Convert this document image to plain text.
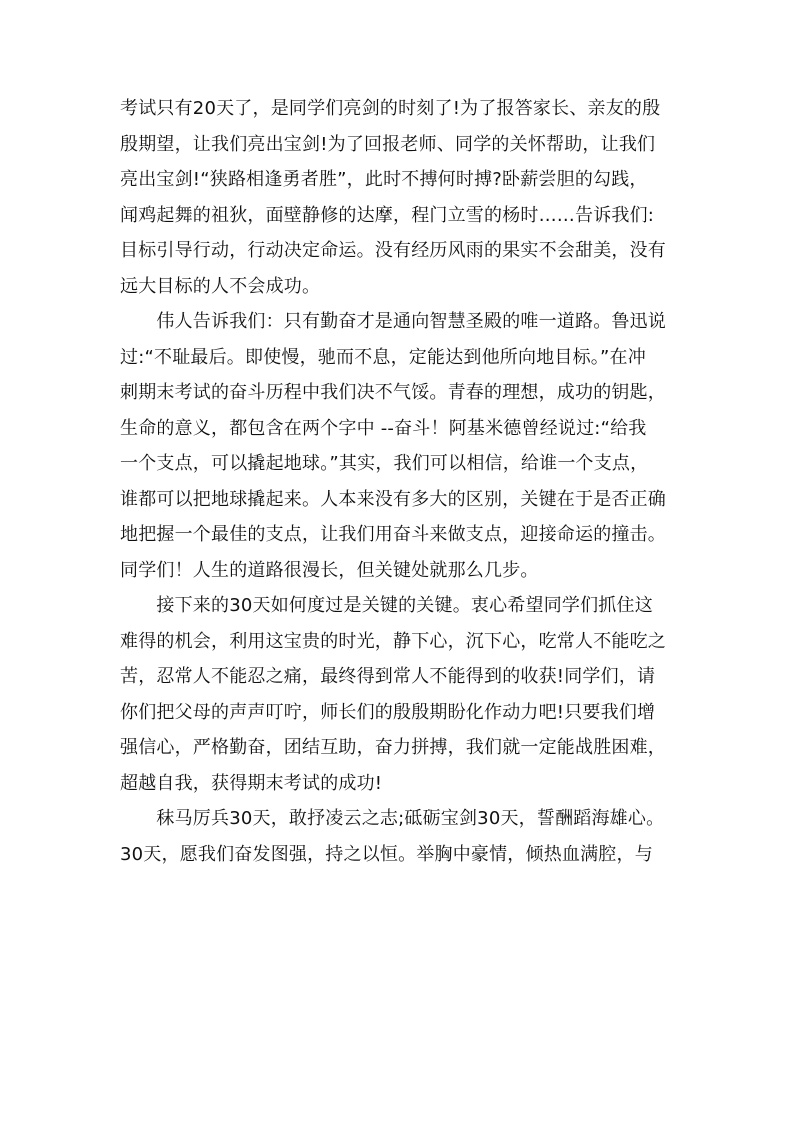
考试只有20天了，是同学们亮剑的时刻了!为了报答家长、亲友的殷
殷期望，让我们亮出宝剑!为了回报老师、同学的关怀帮助，让我们
亮出宝剑!“狭路相逢勇者胜”，此时不搏何时搏?卧薪尝胆的勾践，
闻鸡起舞的祖狄，面壁静修的达摩，程门立雪的杨时……告诉我们:
目标引导行动，行动决定命运。没有经历风雨的果实不会甜美，没有
远大目标的人不会成功。
　　伟人告诉我们：只有勤奋才是通向智慧圣殿的唯一道路。鲁迅说
过:“不耻最后。即使慢，驰而不息，定能达到他所向地目标。”在冲
刺期末考试的奋斗历程中我们决不气馁。青春的理想，成功的钥匙，
生命的意义，都包含在两个字中 --奋斗！阿基米德曾经说过:“给我
一个支点，可以撬起地球。”其实，我们可以相信，给谁一个支点，
谁都可以把地球撬起来。人本来没有多大的区别，关键在于是否正确
地把握一个最佳的支点，让我们用奋斗来做支点，迎接命运的撞击。
同学们！人生的道路很漫长，但关键处就那么几步。
　　接下来的30天如何度过是关键的关键。衷心希望同学们抓住这
难得的机会，利用这宝贵的时光，静下心，沉下心，吃常人不能吃之
苦，忍常人不能忍之痛，最终得到常人不能得到的收获!同学们，请
你们把父母的声声叮咛，师长们的殷殷期盼化作动力吧!只要我们增
强信心，严格勤奋，团结互助，奋力拼搏，我们就一定能战胜困难，
超越自我，获得期末考试的成功!
　　秣马厉兵30天，敢抒凌云之志;砥砺宝剑30天，誓酬蹈海雄心。
30天，愿我们奋发图强，持之以恒。举胸中豪情，倾热血满腔，与
